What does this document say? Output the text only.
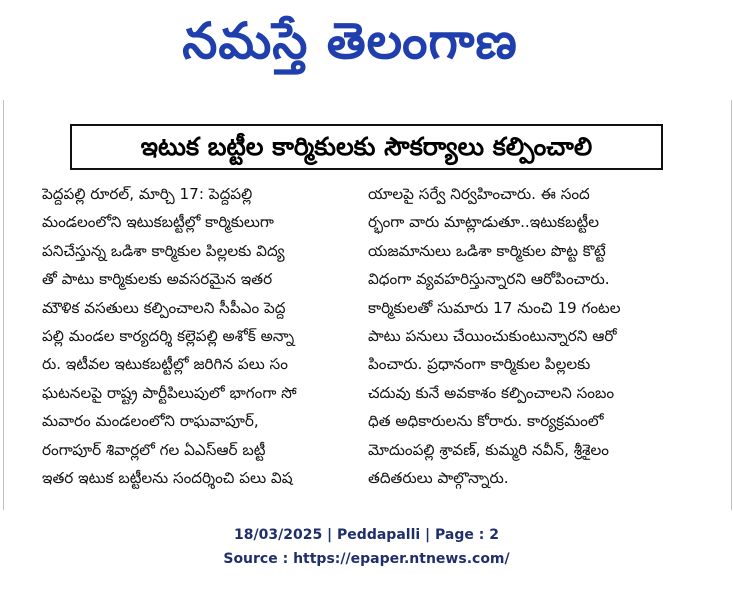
నమస్తే తెలంగాణ
ఇటుక బట్టీల కార్మికులకు సౌకర్యాలు కల్పించాలి
పెద్దపల్లి రూరల్, మార్చి 17: పెద్దపల్లి
మండలంలోని ఇటుకబట్టీల్లో కార్మికులుగా
పనిచేస్తున్న ఒడిశా కార్మికుల పిల్లలకు విద్య
తో పాటు కార్మికులకు అవసరమైన ఇతర
మౌళిక వసతులు కల్పించాలని సీపీఎం పెద్ద
పల్లి మండల కార్యదర్శి కల్లెపల్లి అశోక్ అన్నా
రు. ఇటీవల ఇటుకబట్టీల్లో జరిగిన పలు సం
ఘటనలపై రాష్ట్ర పార్టీపిలుపులో భాగంగా సో
మవారం మండలంలోని రాఘవాపూర్,
రంగాపూర్ శివార్లలో గల ఏఎస్ఆర్ బట్టీ
ఇతర ఇటుక బట్టీలను సందర్శించి పలు విష
యాలపై సర్వే నిర్వహించారు. ఈ సంద
ర్భంగా వారు మాట్లాడుతూ..ఇటుకబట్టీల
యజమానులు ఒడిశా కార్మికుల పొట్ట కొట్టే
విధంగా వ్యవహరిస్తున్నారని ఆరోపించారు.
కార్మికులతో సుమారు 17 నుంచి 19 గంటల
పాటు పనులు చేయించుకుంటున్నారని ఆరో
పించారు. ప్రధానంగా కార్మికుల పిల్లలకు
చదువు కునే అవకాశం కల్పించాలని సంబం
ధిత అధికారులను కోరారు. కార్యక్రమంలో
మోదుంపల్లి శ్రావణ్, కుమ్మరి నవీన్, శ్రీశైలం
తదితరులు పాల్గొన్నారు.
18/03/2025 | Peddapalli | Page : 2
Source : https://epaper.ntnews.com/
